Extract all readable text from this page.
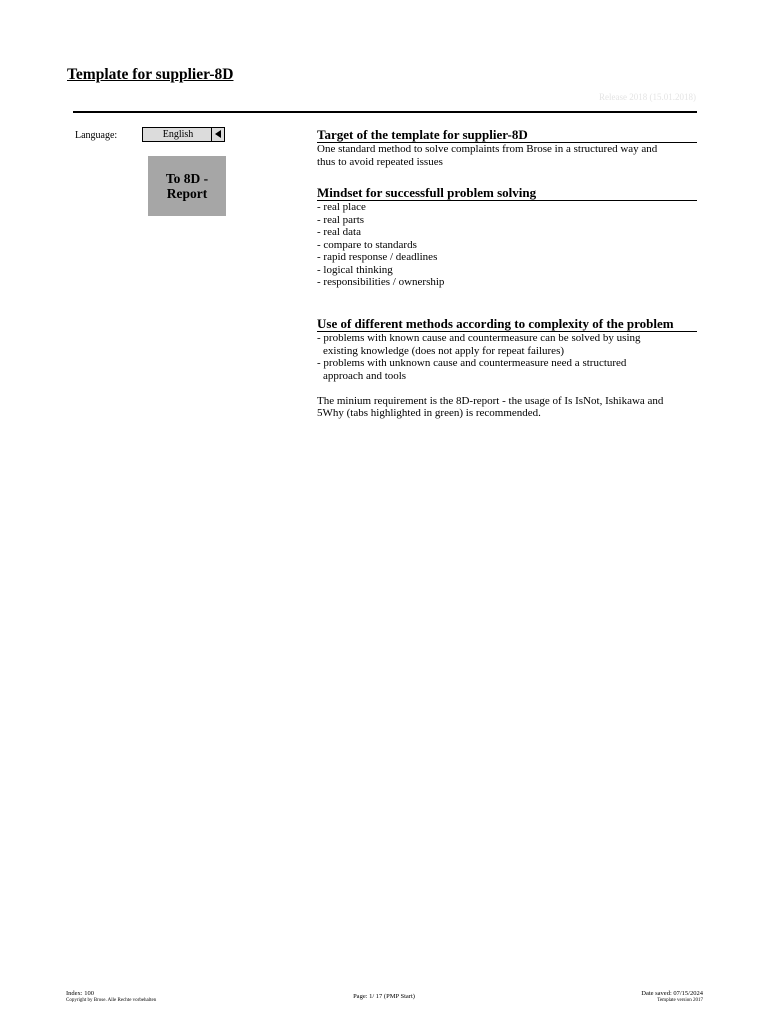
Template for supplier-8D
Release 2018 (15.01.2018)
Language:	English
To 8D -
Report
Target of the template for supplier-8D
One standard method to solve complaints from Brose in a structured way and
thus to avoid repeated issues
Mindset for successfull problem solving
- real place
- real parts
- real data
- compare to standards
- rapid response / deadlines
- logical thinking
- responsibilities / ownership
Use of different methods according to complexity of the problem
- problems with known cause and countermeasure can be solved by using
existing knowledge (does not apply for repeat failures)
- problems with unknown cause and countermeasure need a structured
approach and tools
The minium requirement is the 8D-report - the usage of Is IsNot, Ishikawa and
5Why (tabs highlighted in green) is recommended.
Index: 100
Copyright by Brose. Alle Rechte vorbehalten
Page: 1/ 17 (PMP Start)	Date saved: 07/15/2024
Template version 2017
